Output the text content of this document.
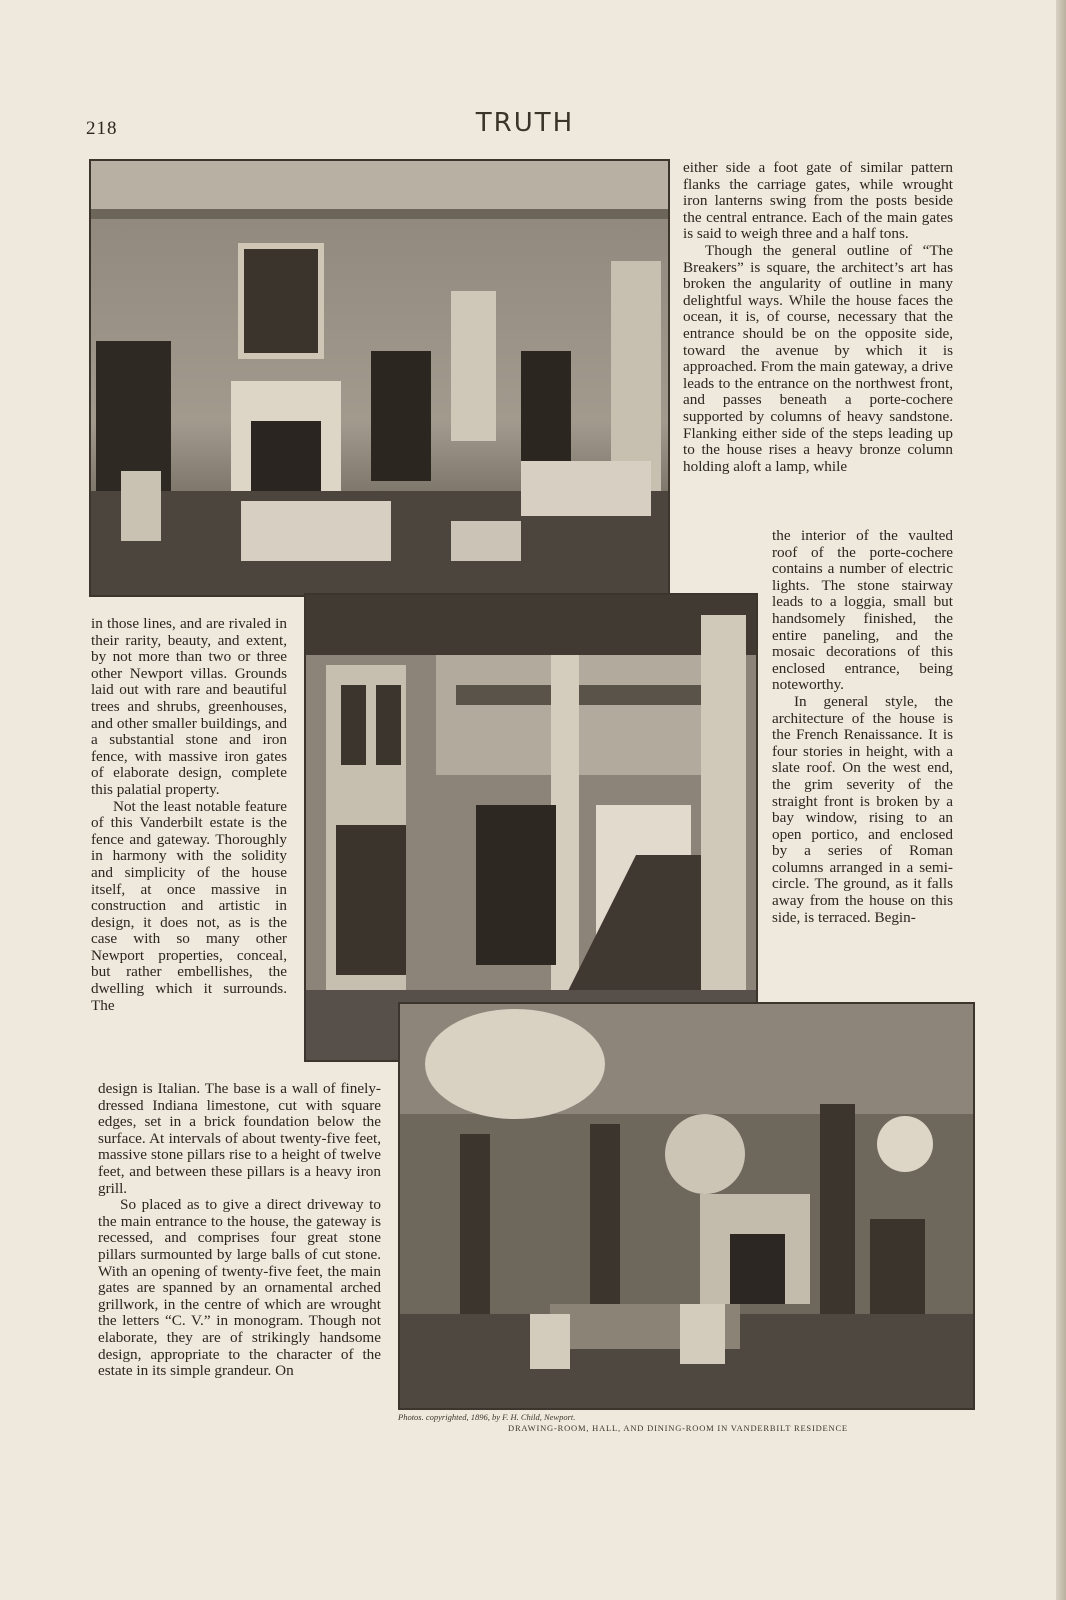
218	TRUTH

either side a foot gate of similar pattern flanks the carriage gates, while wrought iron lanterns swing from the posts beside the central entrance. Each of the main gates is said to weigh three and a half tons.

Though the general outline of “The Breakers” is square, the architect’s art has broken the angularity of outline in many delightful ways. While the house faces the ocean, it is, of course, necessary that the entrance should be on the opposite side, toward the avenue by which it is approached. From the main gateway, a drive leads to the entrance on the northwest front, and passes beneath a porte-cochere supported by columns of heavy sandstone. Flanking either side of the steps leading up to the house rises a heavy bronze column holding aloft a lamp, while

the interior of the vaulted roof of the porte-cochere contains a number of electric lights. The stone stairway leads to a loggia, small but handsomely finished, the entire paneling, and the mosaic decorations of this enclosed entrance, being noteworthy.

In general style, the architecture of the house is the French Renaissance. It is four stories in height, with a slate roof. On the west end, the grim severity of the straight front is broken by a bay window, rising to an open portico, and enclosed by a series of Roman columns arranged in a semi-circle. The ground, as it falls away from the house on this side, is terraced. Begin-

in those lines, and are rivaled in their rarity, beauty, and extent, by not more than two or three other Newport villas. Grounds laid out with rare and beautiful trees and shrubs, greenhouses, and other smaller buildings, and a substantial stone and iron fence, with massive iron gates of elaborate design, complete this palatial property.

Not the least notable feature of this Vanderbilt estate is the fence and gateway. Thoroughly in harmony with the solidity and simplicity of the house itself, at once massive in construction and artistic in design, it does not, as is the case with so many other Newport properties, conceal, but rather embellishes, the dwelling which it surrounds. The

design is Italian. The base is a wall of finely-dressed Indiana limestone, cut with square edges, set in a brick foundation below the surface. At intervals of about twenty-five feet, massive stone pillars rise to a height of twelve feet, and between these pillars is a heavy iron grill.

So placed as to give a direct driveway to the main entrance to the house, the gateway is recessed, and comprises four great stone pillars surmounted by large balls of cut stone. With an opening of twenty-five feet, the main gates are spanned by an ornamental arched grillwork, in the centre of which are wrought the letters “C. V.” in monogram. Though not elaborate, they are of strikingly handsome design, appropriate to the character of the estate in its simple grandeur. On

Photos. copyrighted, 1896, by F. H. Child, Newport.
DRAWING-ROOM, HALL, AND DINING-ROOM IN VANDERBILT RESIDENCE
